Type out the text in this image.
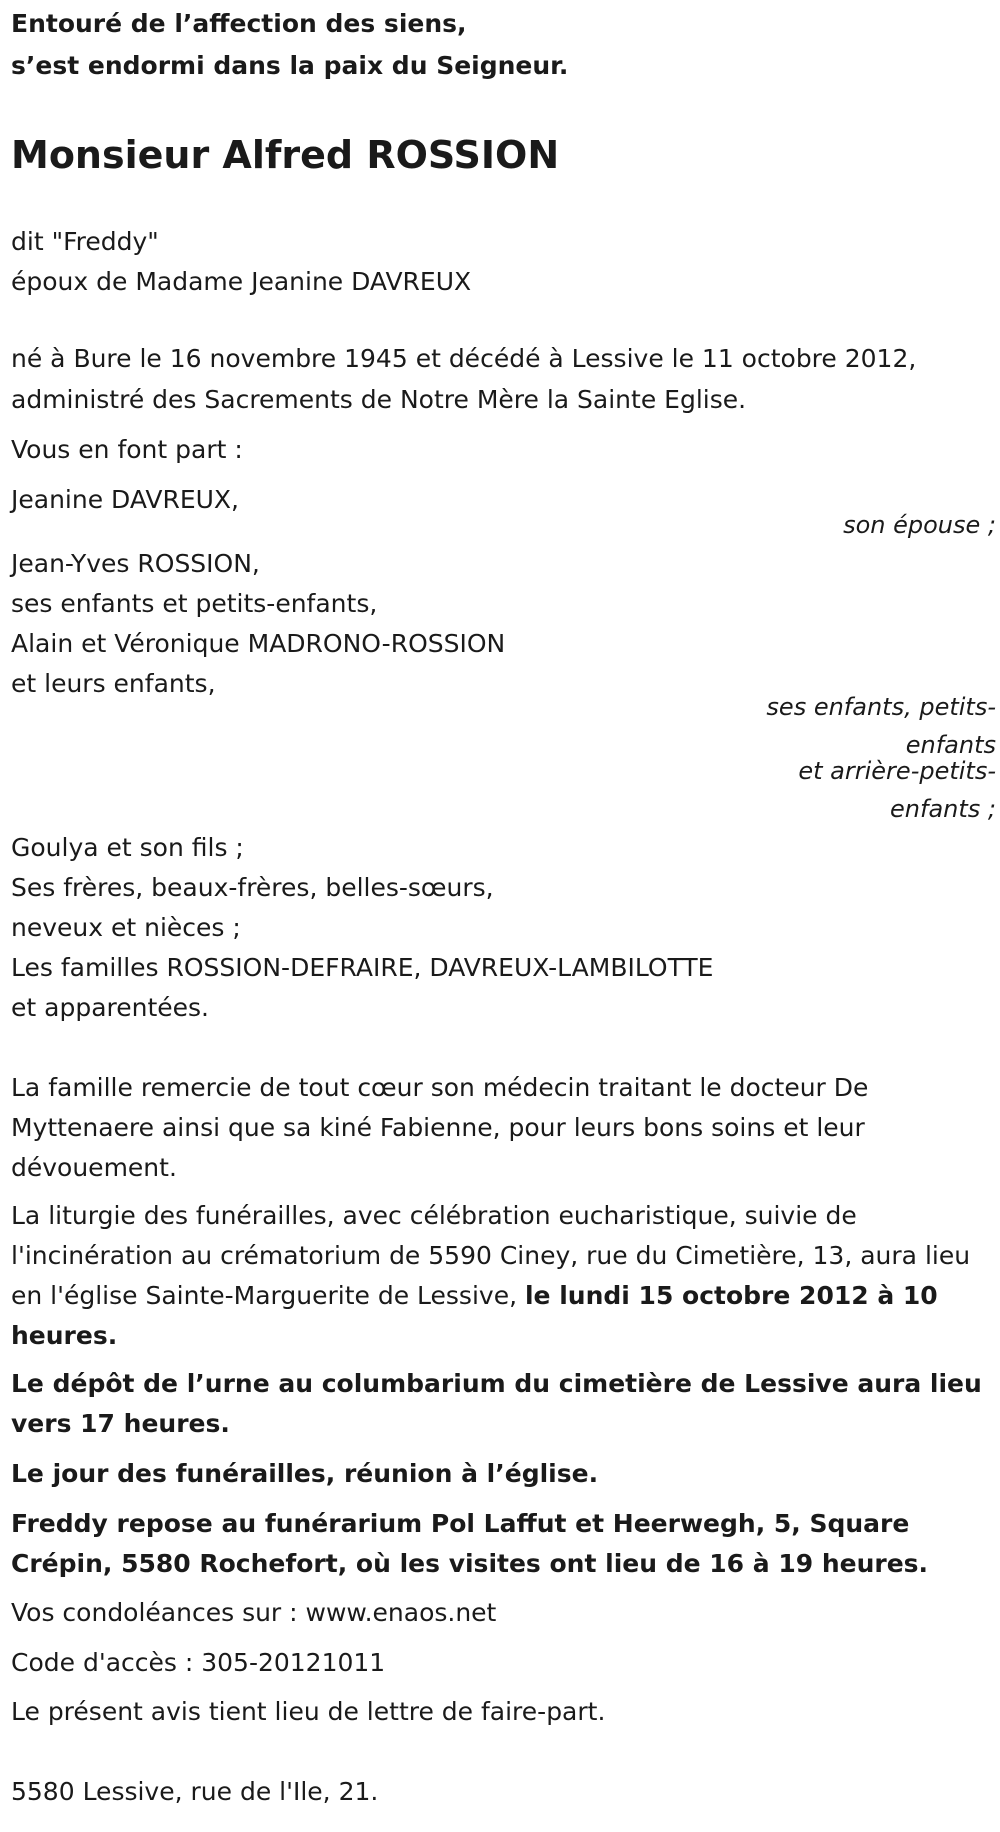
Entouré de l’affection des siens,
s’est endormi dans la paix du Seigneur.
Monsieur Alfred ROSSION
dit "Freddy"
époux de Madame Jeanine DAVREUX
né à Bure le 16 novembre 1945 et décédé à Lessive le 11 octobre 2012,
administré des Sacrements de Notre Mère la Sainte Eglise.
Vous en font part :
Jeanine DAVREUX,
son épouse ;
Jean-Yves ROSSION,
ses enfants et petits-enfants,
Alain et Véronique MADRONO-ROSSION
et leurs enfants,
ses enfants, petits-
enfants
et arrière-petits-
enfants ;
Goulya et son fils ;
Ses frères, beaux-frères, belles-sœurs,
neveux et nièces ;
Les familles ROSSION-DEFRAIRE, DAVREUX-LAMBILOTTE
et apparentées.
La famille remercie de tout cœur son médecin traitant le docteur De Myttenaere ainsi que sa kiné Fabienne, pour leurs bons soins et leur dévouement.
La liturgie des funérailles, avec célébration eucharistique, suivie de l'incinération au crématorium de 5590 Ciney, rue du Cimetière, 13, aura lieu en l'église Sainte-Marguerite de Lessive, le lundi 15 octobre 2012 à 10 heures.
Le dépôt de l’urne au columbarium du cimetière de Lessive aura lieu vers 17 heures.
Le jour des funérailles, réunion à l’église.
Freddy repose au funérarium Pol Laffut et Heerwegh, 5, Square Crépin, 5580 Rochefort, où les visites ont lieu de 16 à 19 heures.
Vos condoléances sur : www.enaos.net
Code d'accès : 305-20121011
Le présent avis tient lieu de lettre de faire-part.
5580 Lessive, rue de l'Ile, 21.
